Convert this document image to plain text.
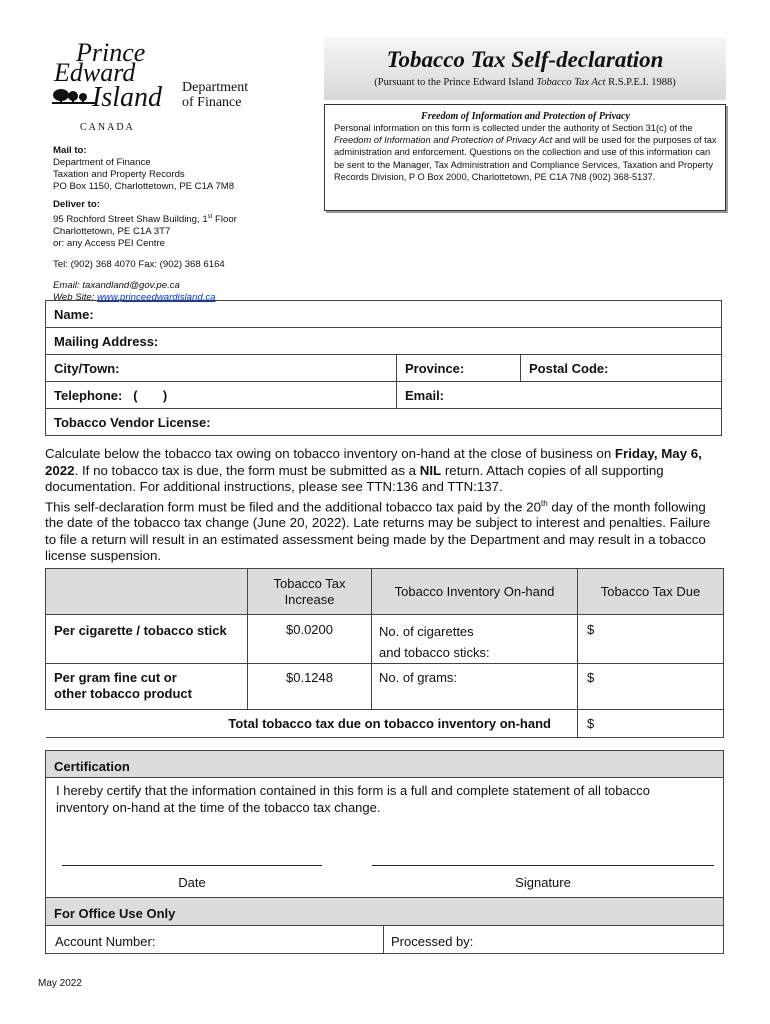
Prince
Edward
Island
CANADA
Department
of Finance
Mail to:
Department of Finance
Taxation and Property Records
PO Box 1150, Charlottetown, PE C1A 7M8
Deliver to:
95 Rochford Street Shaw Building, 1st Floor
Charlottetown, PE C1A 3T7
or: any Access PEI Centre
Tel: (902) 368 4070 Fax: (902) 368 6164
Email: taxandland@gov.pe.ca
Web Site: www.princeedwardisland.ca
Tobacco Tax Self-declaration
(Pursuant to the Prince Edward Island Tobacco Tax Act R.S.P.E.I. 1988)
Freedom of Information and Protection of Privacy
Personal information on this form is collected under the authority of Section 31(c) of the Freedom of Information and Protection of Privacy Act and will be used for the purposes of tax administration and enforcement. Questions on the collection and use of this information can be sent to the Manager, Tax Administration and Compliance Services, Taxation and Property Records Division, P O Box 2000, Charlottetown, PE C1A 7N8 (902) 368-5137.
Name:		
Mailing Address:		
City/Town:	Province:	Postal Code:
Telephone:   (       )	Email:	
Tobacco Vendor License:		
Calculate below the tobacco tax owing on tobacco inventory on-hand at the close of business on Friday, May 6, 2022. If no tobacco tax is due, the form must be submitted as a NIL return. Attach copies of all supporting documentation. For additional instructions, please see TTN:136 and TTN:137.
This self-declaration form must be filed and the additional tobacco tax paid by the 20th day of the month following the date of the tobacco tax change (June 20, 2022). Late returns may be subject to interest and penalties. Failure to file a return will result in an estimated assessment being made by the Department and may result in a tobacco license suspension.
	Tobacco Tax Increase	Tobacco Inventory On-hand	Tobacco Tax Due
Per cigarette / tobacco stick	$0.0200	No. of cigarettes
and tobacco sticks:	$
Per gram fine cut or other tobacco product	$0.1248	No. of grams:	$
Total tobacco tax due on tobacco inventory on-hand			$
Certification
I hereby certify that the information contained in this form is a full and complete statement of all tobacco inventory on-hand at the time of the tobacco tax change.
Date	Signature
For Office Use Only
Account Number:	Processed by:
May 2022
